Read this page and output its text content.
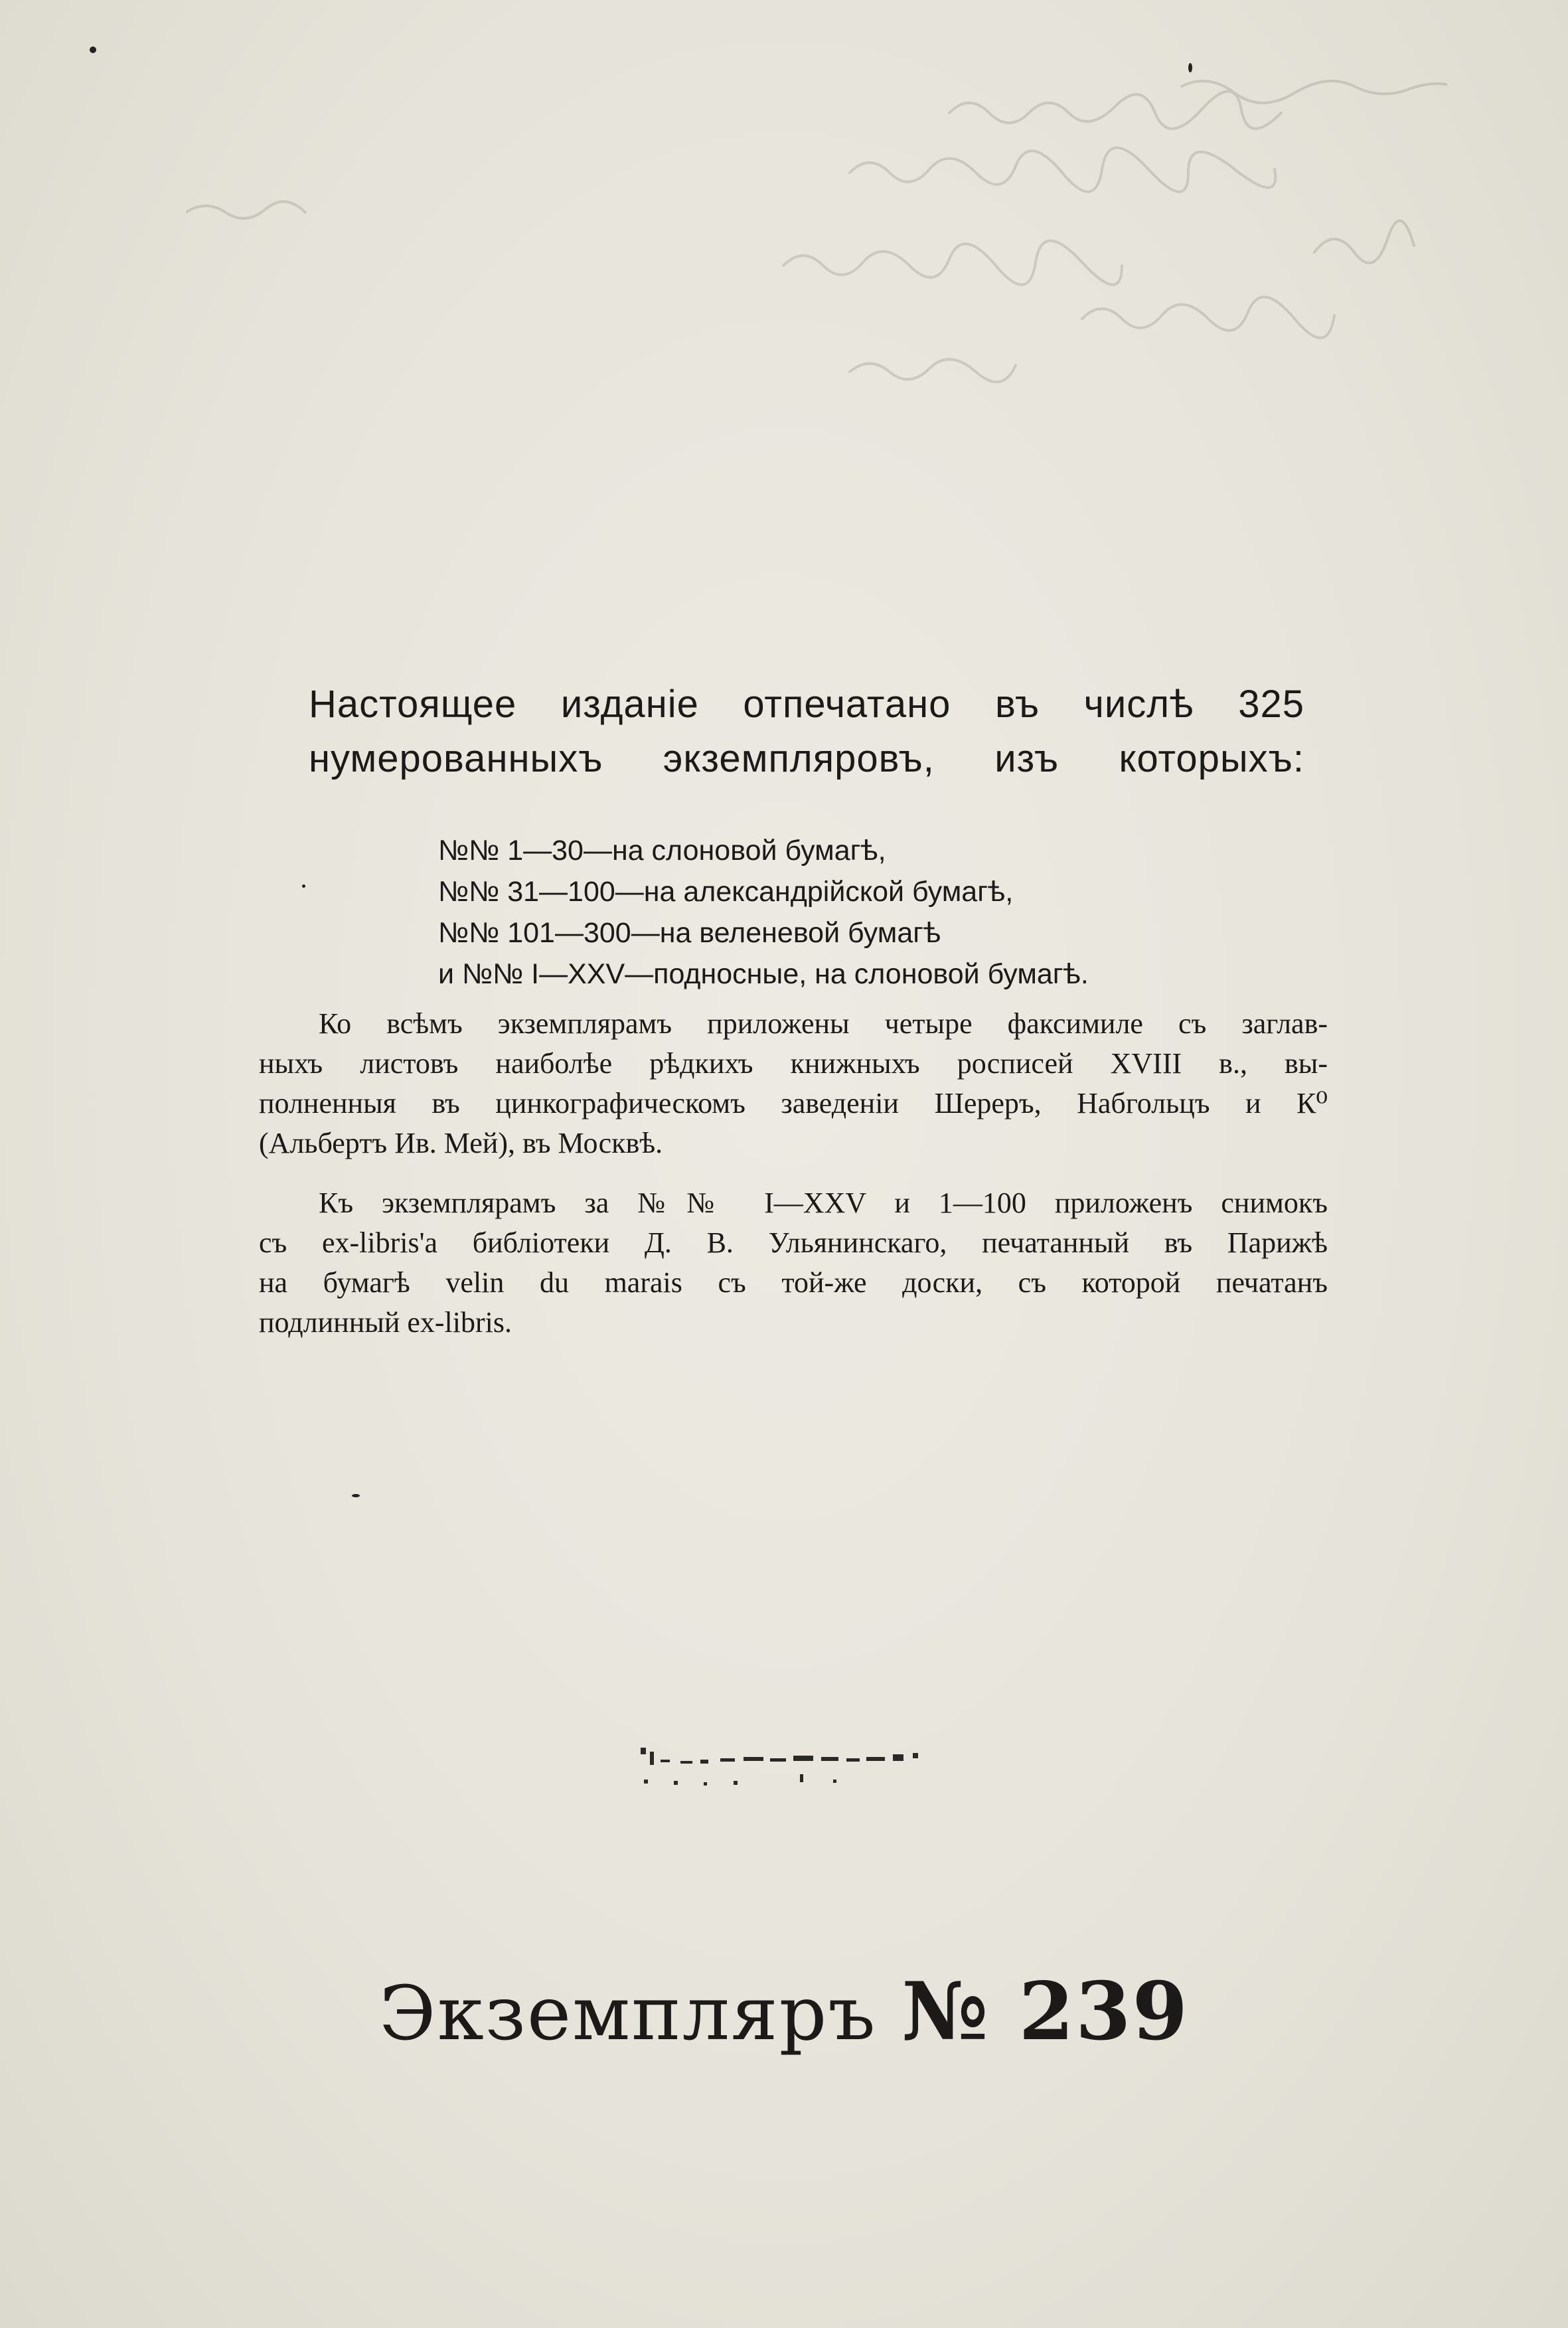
Настоящее изданіе отпечатано въ числѣ 325
нумерованныхъ экземпляровъ, изъ которыхъ:
№№ 1—30—на слоновой бумагѣ,
№№ 31—100—на александрійской бумагѣ,
№№ 101—300—на веленевой бумагѣ
и №№ I—XXV—подносные, на слоновой бумагѣ.
Ко всѣмъ экземплярамъ приложены четыре факсимиле съ заглав-
ныхъ листовъ наиболѣе рѣдкихъ книжныхъ росписей XVIII в., вы-
полненныя въ цинкографическомъ заведеніи Шереръ, Набгольцъ и К⁰
(Альбертъ Ив. Мей), въ Москвѣ.
Къ экземплярамъ за №№ I—XXV и 1—100 приложенъ снимокъ
съ ex-libris'а библіотеки Д. В. Ульянинскаго, печатанный въ Парижѣ
на бумагѣ velin du marais съ той-же доски, съ которой печатанъ
подлинный ex-libris.
Экземпляръ № 239
